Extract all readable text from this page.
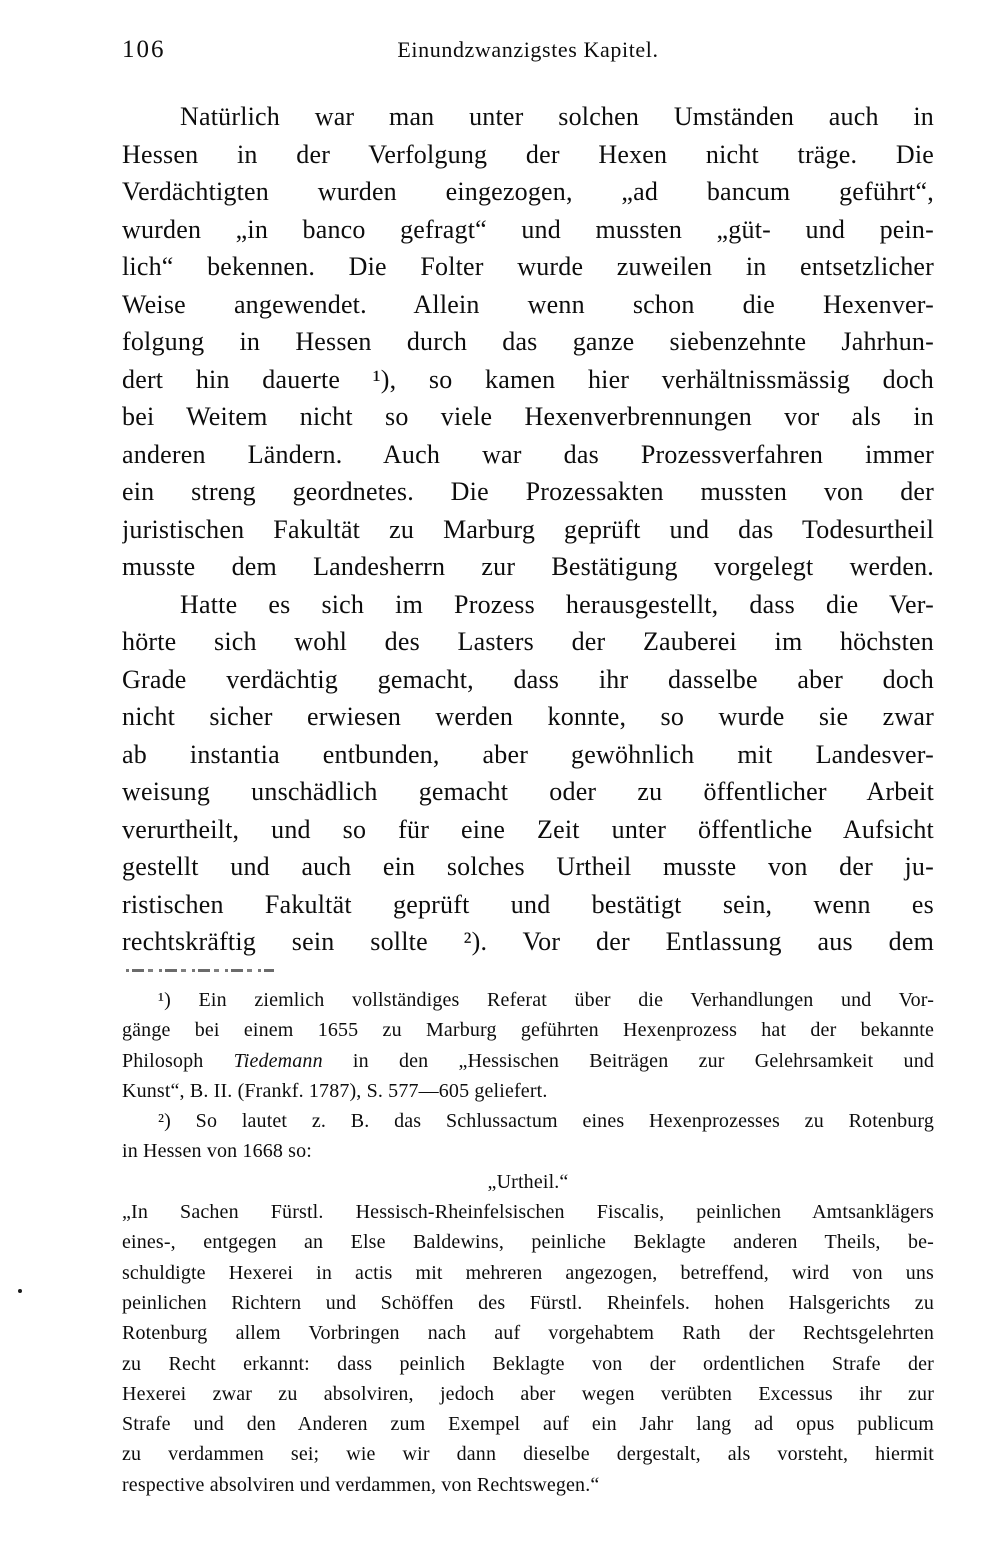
106	Einundzwanzigstes Kapitel.
Natürlich war man unter solchen Umständen auch in
Hessen in der Verfolgung der Hexen nicht träge. Die
Verdächtigten wurden eingezogen, „ad bancum geführt“,
wurden „in banco gefragt“ und mussten „güt- und pein-
lich“ bekennen. Die Folter wurde zuweilen in entsetzlicher
Weise angewendet. Allein wenn schon die Hexenver-
folgung in Hessen durch das ganze siebenzehnte Jahrhun-
dert hin dauerte ¹), so kamen hier verhältnissmässig doch
bei Weitem nicht so viele Hexenverbrennungen vor als in
anderen Ländern. Auch war das Prozessverfahren immer
ein streng geordnetes. Die Prozessakten mussten von der
juristischen Fakultät zu Marburg geprüft und das Todesurtheil
musste dem Landesherrn zur Bestätigung vorgelegt werden.
Hatte es sich im Prozess herausgestellt, dass die Ver-
hörte sich wohl des Lasters der Zauberei im höchsten
Grade verdächtig gemacht, dass ihr dasselbe aber doch
nicht sicher erwiesen werden konnte, so wurde sie zwar
ab instantia entbunden, aber gewöhnlich mit Landesver-
weisung unschädlich gemacht oder zu öffentlicher Arbeit
verurtheilt, und so für eine Zeit unter öffentliche Aufsicht
gestellt und auch ein solches Urtheil musste von der ju-
ristischen Fakultät geprüft und bestätigt sein, wenn es
rechtskräftig sein sollte ²). Vor der Entlassung aus dem
¹) Ein ziemlich vollständiges Referat über die Verhandlungen und Vor-
gänge bei einem 1655 zu Marburg geführten Hexenprozess hat der bekannte
Philosoph Tiedemann in den „Hessischen Beiträgen zur Gelehrsamkeit und
Kunst“, B. II. (Frankf. 1787), S. 577—605 geliefert.
²) So lautet z. B. das Schlussactum eines Hexenprozesses zu Rotenburg
in Hessen von 1668 so:
„Urtheil.“
„In Sachen Fürstl. Hessisch-Rheinfelsischen Fiscalis, peinlichen Amtsanklägers
eines-, entgegen an Else Baldewins, peinliche Beklagte anderen Theils, be-
schuldigte Hexerei in actis mit mehreren angezogen, betreffend, wird von uns
peinlichen Richtern und Schöffen des Fürstl. Rheinfels. hohen Halsgerichts zu
Rotenburg allem Vorbringen nach auf vorgehabtem Rath der Rechtsgelehrten
zu Recht erkannt: dass peinlich Beklagte von der ordentlichen Strafe der
Hexerei zwar zu absolviren, jedoch aber wegen verübten Excessus ihr zur
Strafe und den Anderen zum Exempel auf ein Jahr lang ad opus publicum
zu verdammen sei; wie wir dann dieselbe dergestalt, als vorsteht, hiermit
respective absolviren und verdammen, von Rechtswegen.“
